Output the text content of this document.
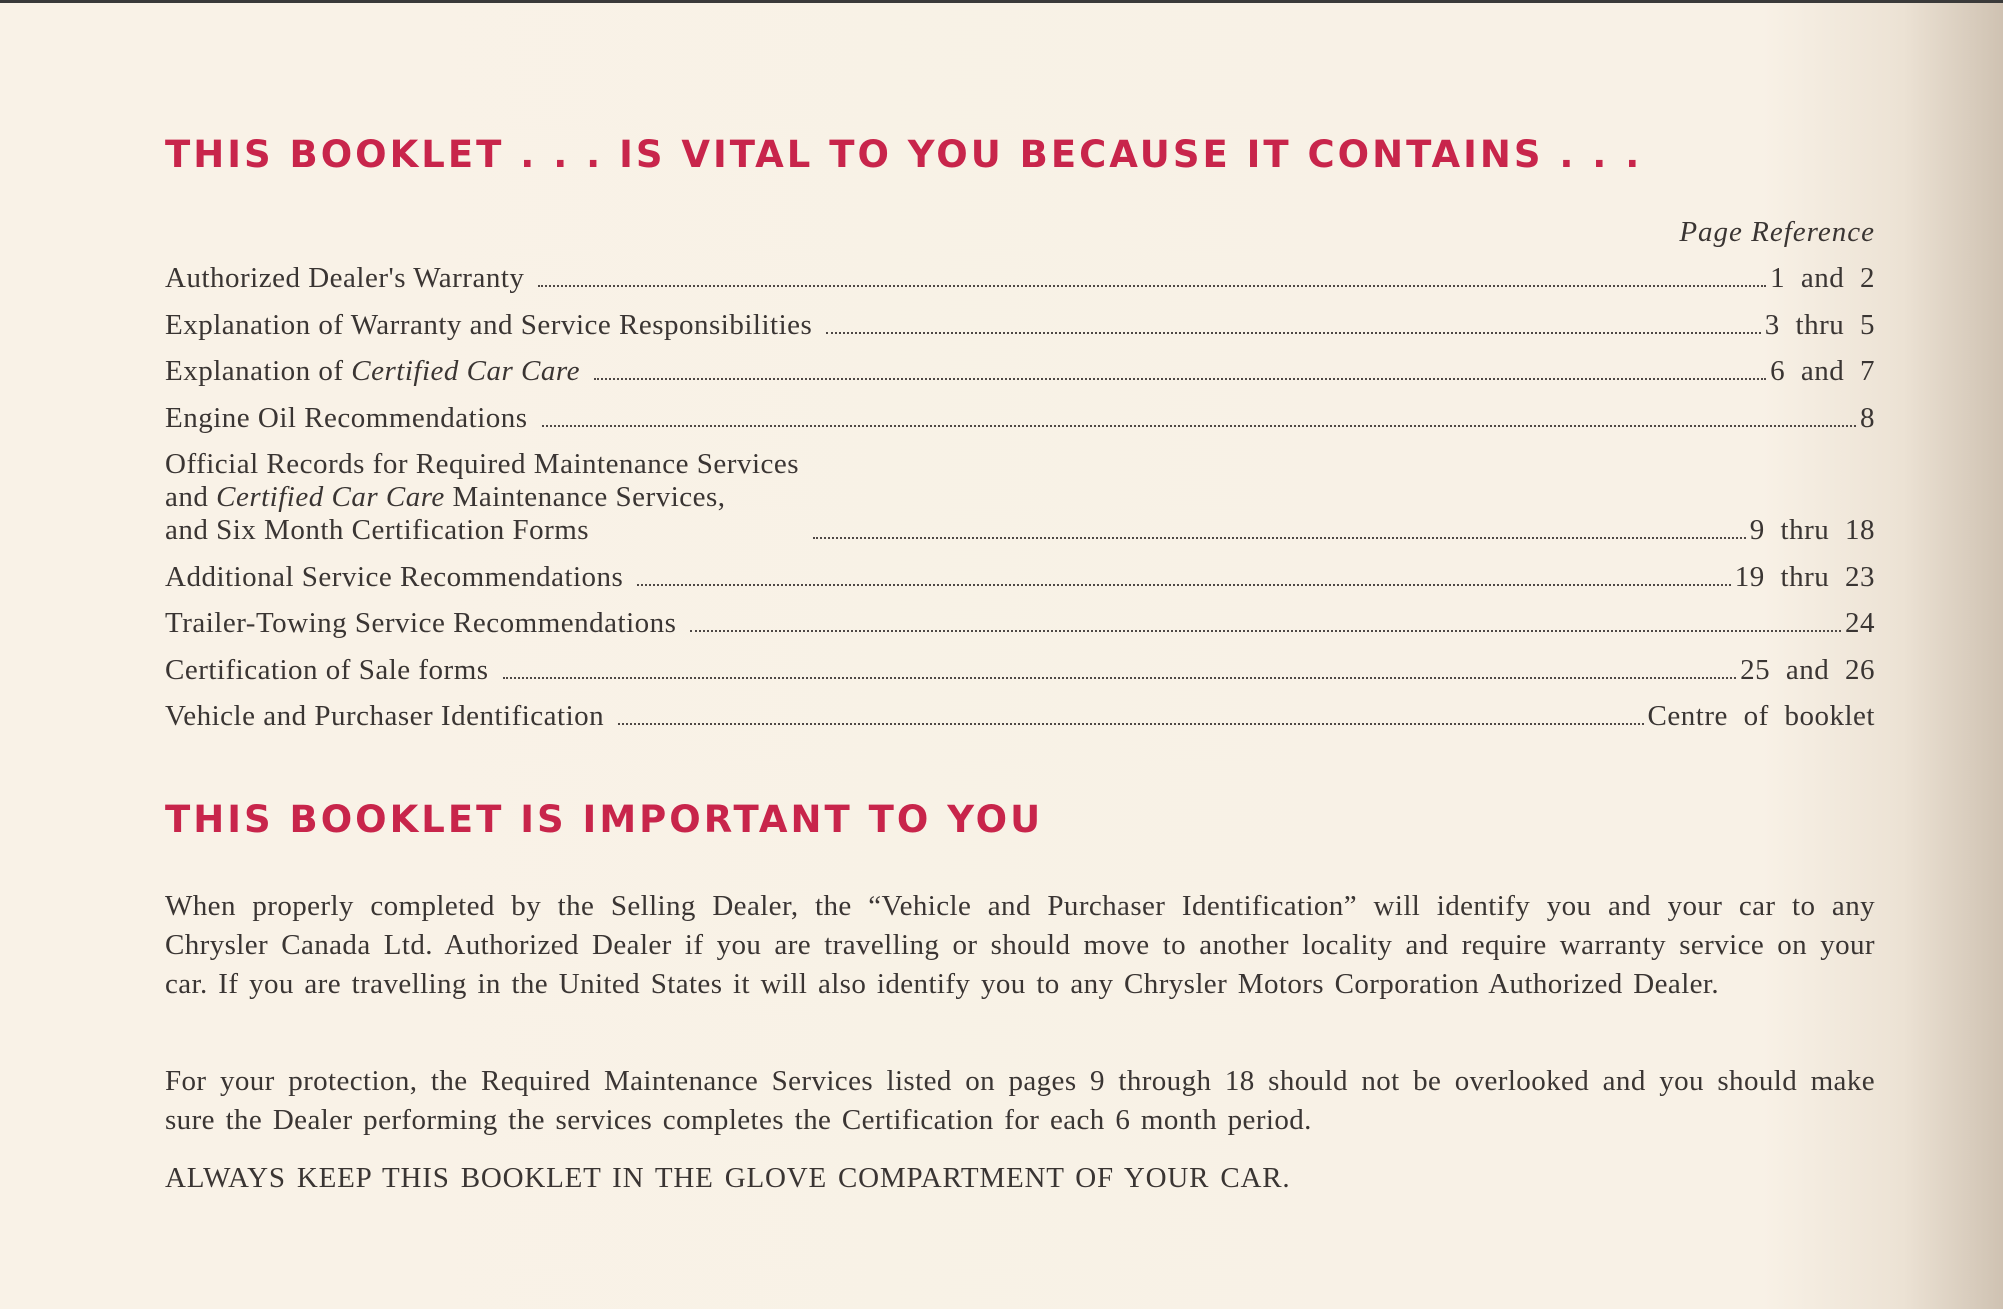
THIS BOOKLET . . . IS VITAL TO YOU BECAUSE IT CONTAINS . . .
Page Reference
Authorized Dealer's Warranty	1 and 2
Explanation of Warranty and Service Responsibilities	3 thru 5
Explanation of Certified Car Care	6 and 7
Engine Oil Recommendations	8
Official Records for Required Maintenance Services
and Certified Car Care Maintenance Services,
and Six Month Certification Forms	9 thru 18
Additional Service Recommendations	19 thru 23
Trailer-Towing Service Recommendations	24
Certification of Sale forms	25 and 26
Vehicle and Purchaser Identification	Centre of booklet
THIS BOOKLET IS IMPORTANT TO YOU

When properly completed by the Selling Dealer, the “Vehicle and Purchaser Identification” will identify you and your car to any Chrysler Canada Ltd. Authorized Dealer if you are travelling or should move to another locality and require warranty service on your car. If you are travelling in the United States it will also identify you to any Chrysler Motors Corporation Authorized Dealer.

For your protection, the Required Maintenance Services listed on pages 9 through 18 should not be overlooked and you should make sure the Dealer performing the services completes the Certification for each 6 month period.

ALWAYS KEEP THIS BOOKLET IN THE GLOVE COMPARTMENT OF YOUR CAR.
